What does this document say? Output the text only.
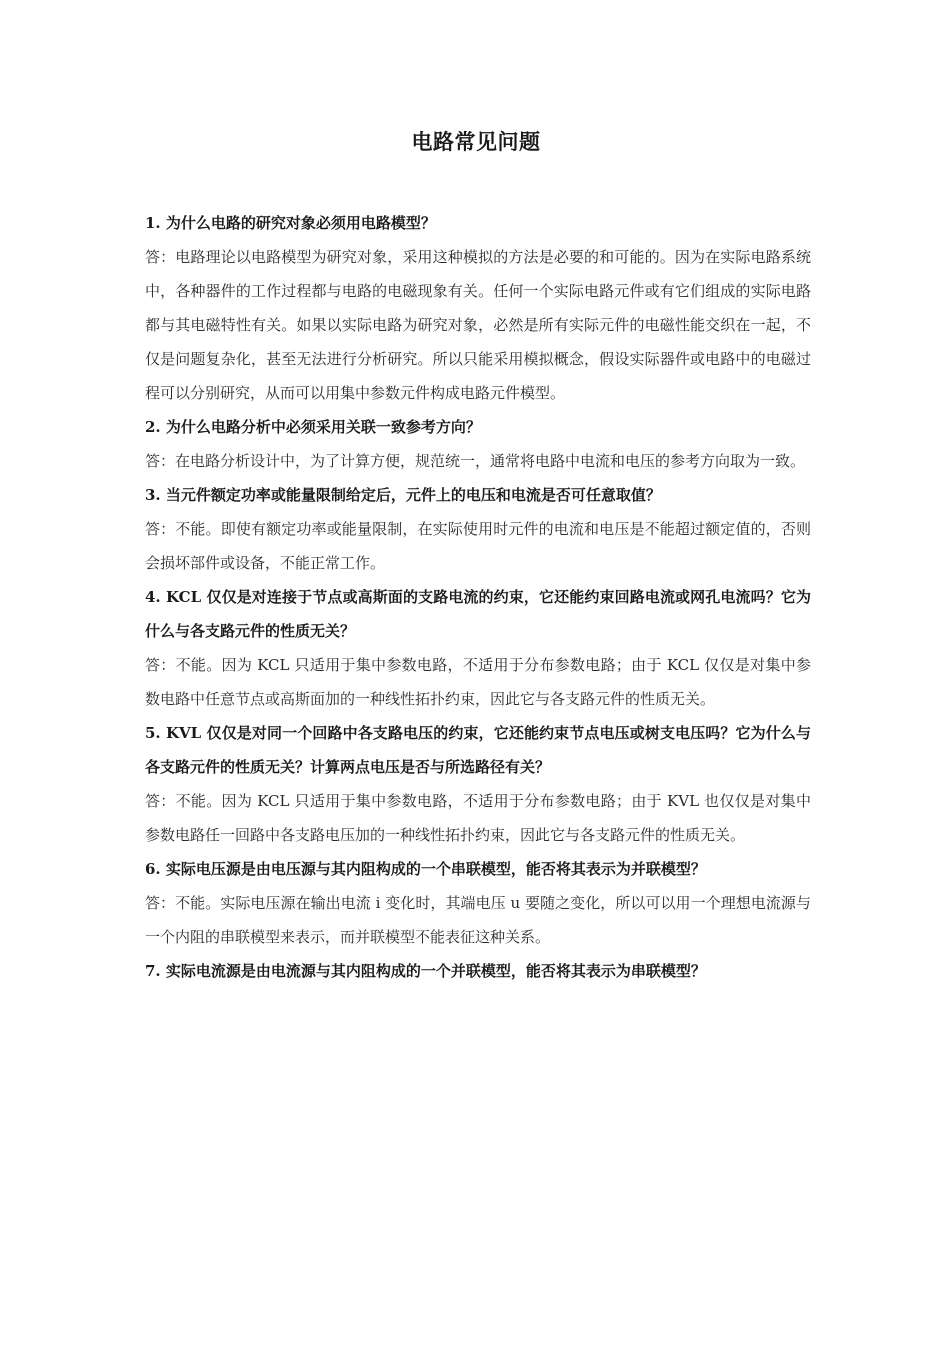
电路常见问题
1. 为什么电路的研究对象必须用电路模型？
答：电路理论以电路模型为研究对象，采用这种模拟的方法是必要的和可能的。因为在实际电路系统中，各种器件的工作过程都与电路的电磁现象有关。任何一个实际电路元件或有它们组成的实际电路都与其电磁特性有关。如果以实际电路为研究对象，必然是所有实际元件的电磁性能交织在一起，不仅是问题复杂化，甚至无法进行分析研究。所以只能采用模拟概念，假设实际器件或电路中的电磁过程可以分别研究，从而可以用集中参数元件构成电路元件模型。
2. 为什么电路分析中必须采用关联一致参考方向？
答：在电路分析设计中，为了计算方便，规范统一，通常将电路中电流和电压的参考方向取为一致。
3. 当元件额定功率或能量限制给定后，元件上的电压和电流是否可任意取值？
答：不能。即使有额定功率或能量限制，在实际使用时元件的电流和电压是不能超过额定值的，否则会损坏部件或设备，不能正常工作。
4. KCL 仅仅是对连接于节点或高斯面的支路电流的约束，它还能约束回路电流或网孔电流吗？它为什么与各支路元件的性质无关？
答：不能。因为 KCL 只适用于集中参数电路，不适用于分布参数电路；由于 KCL 仅仅是对集中参数电路中任意节点或高斯面加的一种线性拓扑约束，因此它与各支路元件的性质无关。
5. KVL 仅仅是对同一个回路中各支路电压的约束，它还能约束节点电压或树支电压吗？它为什么与各支路元件的性质无关？计算两点电压是否与所选路径有关？
答：不能。因为 KCL 只适用于集中参数电路，不适用于分布参数电路；由于 KVL 也仅仅是对集中参数电路任一回路中各支路电压加的一种线性拓扑约束，因此它与各支路元件的性质无关。
6. 实际电压源是由电压源与其内阻构成的一个串联模型，能否将其表示为并联模型？
答：不能。实际电压源在输出电流 i 变化时，其端电压 u 要随之变化，所以可以用一个理想电流源与一个内阻的串联模型来表示，而并联模型不能表征这种关系。
7. 实际电流源是由电流源与其内阻构成的一个并联模型，能否将其表示为串联模型？
